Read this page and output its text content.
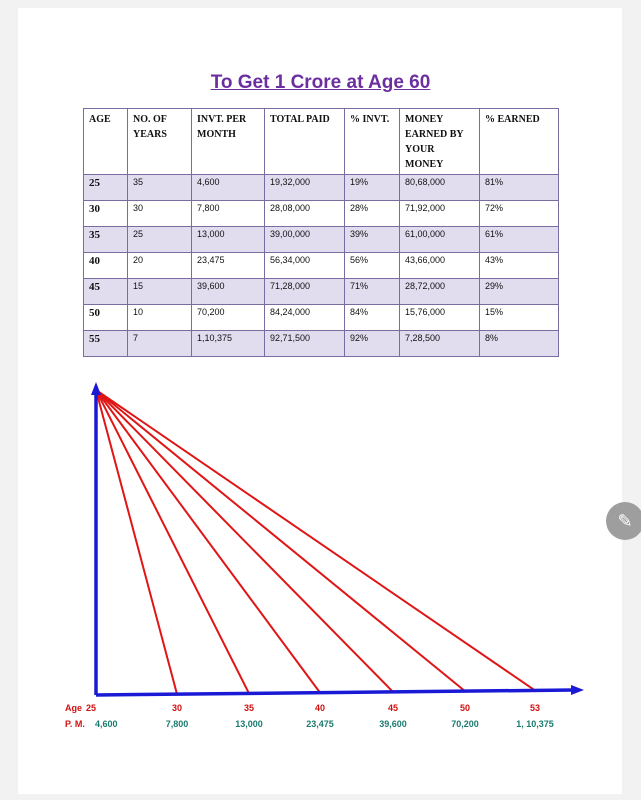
To Get 1 Crore at Age 60
AGE	NO. OF YEARS	INVT. PER MONTH	TOTAL PAID	% INVT.	MONEY EARNED BY YOUR MONEY	% EARNED
25	35	4,600	19,32,000	19%	80,68,000	81%
30	30	7,800	28,08,000	28%	71,92,000	72%
35	25	13,000	39,00,000	39%	61,00,000	61%
40	20	23,475	56,34,000	56%	43,66,000	43%
45	15	39,600	71,28,000	71%	28,72,000	29%
50	10	70,200	84,24,000	84%	15,76,000	15%
55	7	1,10,375	92,71,500	92%	7,28,500	8%
Age 25	30	35	40	45	50	53
P. M. 4,600	7,800	13,000	23,475	39,600	70,200	1, 10,375
✎
